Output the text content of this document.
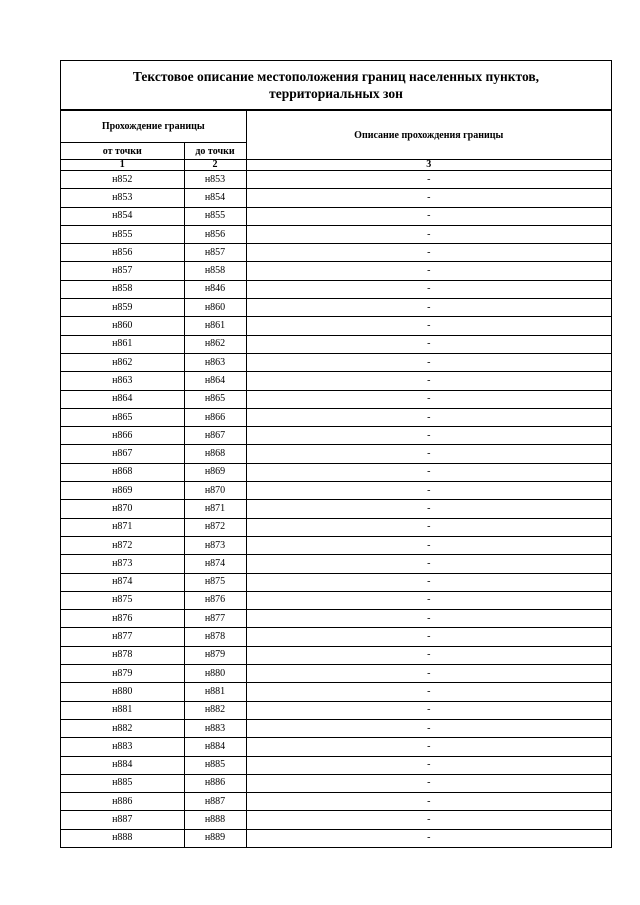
Текстовое описание местоположения границ населенных пунктов,
территориальных зон
Прохождение границы		Описание прохождения границы
от точки	до точки	
1	2	3
н852	н853	-
н853	н854	-
н854	н855	-
н855	н856	-
н856	н857	-
н857	н858	-
н858	н846	-
н859	н860	-
н860	н861	-
н861	н862	-
н862	н863	-
н863	н864	-
н864	н865	-
н865	н866	-
н866	н867	-
н867	н868	-
н868	н869	-
н869	н870	-
н870	н871	-
н871	н872	-
н872	н873	-
н873	н874	-
н874	н875	-
н875	н876	-
н876	н877	-
н877	н878	-
н878	н879	-
н879	н880	-
н880	н881	-
н881	н882	-
н882	н883	-
н883	н884	-
н884	н885	-
н885	н886	-
н886	н887	-
н887	н888	-
н888	н889	-
